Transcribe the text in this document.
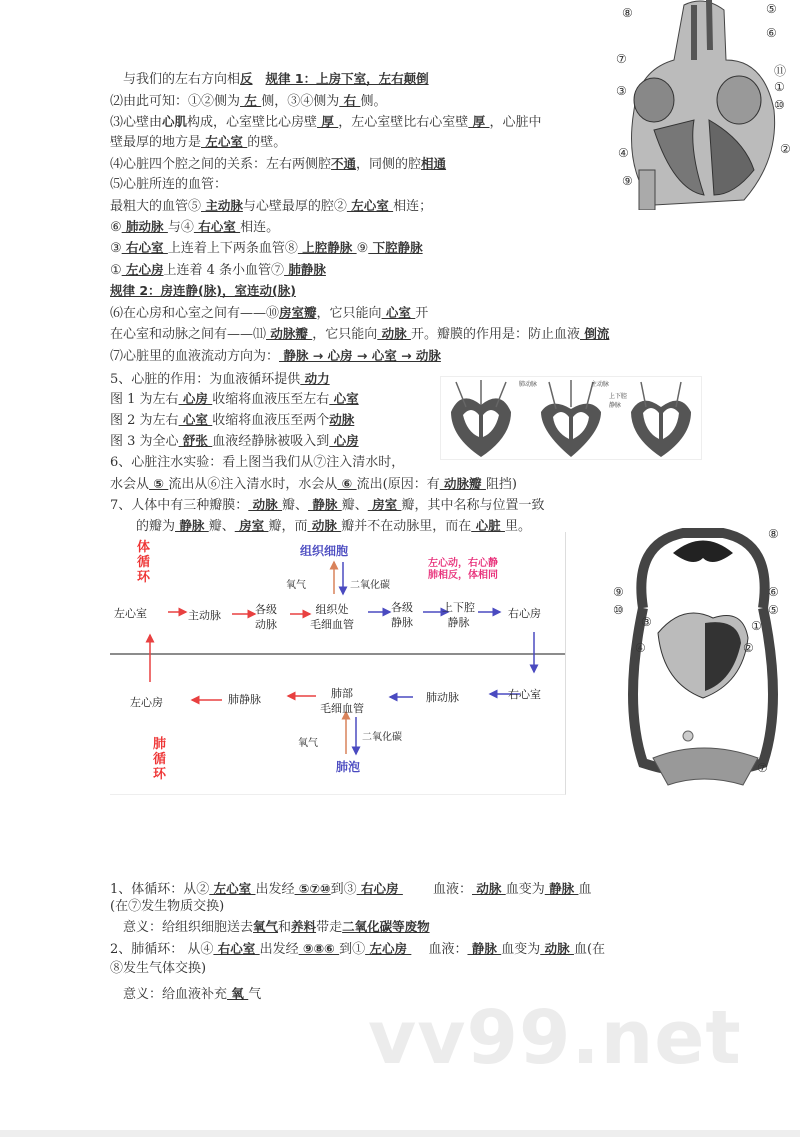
　与我们的左右方向相反　 规律 1：上房下室，左右颠倒
⑵由此可知：①②侧为 左 侧，③④侧为 右 侧。
⑶心壁由心肌构成，心室壁比心房壁 厚 ，左心室壁比右心室壁 厚 ，心脏中
壁最厚的地方是 左心室 的壁。
⑷心脏四个腔之间的关系：左右两侧腔不通，同侧的腔相通
⑸心脏所连的血管：
最粗大的血管⑤ 主动脉与心壁最厚的腔② 左心室 相连；
⑥ 肺动脉 与④ 右心室 相连。
③ 右心室 上连着上下两条血管⑧ 上腔静脉 ⑨ 下腔静脉
① 左心房上连着 4 条小血管⑦ 肺静脉
规律 2：房连静(脉)，室连动(脉)
⑹在心房和心室之间有——⑩房室瓣，它只能向 心室 开
在心室和动脉之间有——⑾ 动脉瓣 ，它只能向 动脉 开。瓣膜的作用是：防止血液 倒流
⑺心脏里的血液流动方向为： 静脉 → 心房 → 心室 → 动脉
5、心脏的作用：为血液循环提供 动力
图 1 为左右 心房 收缩将血液压至左右 心室
图 2 为左右 心室 收缩将血液压至两个动脉
图 3 为全心 舒张 血液经静脉被吸入到 心房
6、心脏注水实验：看上图当我们从⑦注入清水时，
水会从 ⑤ 流出从⑥注入清水时，水会从 ⑥ 流出(原因：有 动脉瓣 阻挡)
7、人体中有三种瓣膜： 动脉 瓣、 静脉 瓣、 房室 瓣，其中名称与位置一致
　　的瓣为 静脉 瓣、 房室 瓣，而 动脉 瓣并不在动脉里，而在 心脏 里。
1、体循环：从② 左心室 出发经 ⑤⑦⑩到③ 右心房 　　 血液： 动脉 血变为 静脉 血
(在⑦发生物质交换)
　意义：给组织细胞送去氧气和养料带走二氧化碳等废物
2、肺循环： 从④ 右心室 出发经 ⑨⑧⑥ 到① 左心房 　 血液： 静脉 血变为 动脉 血(在
⑧发生气体交换)
　意义：给血液补充 氧 气
⑧
⑦
③
④
⑨
⑤
⑥
⑪
①
⑩
②
肺动脉	主动脉
上下腔静脉
体循环
肺循环
组织细胞
肺泡
左心动，右心静
肺相反，体相同
氧气	二氧化碳
氧气
二氧化碳
左心室	主动脉	各级
动脉
组织处
毛细血管
各级
静脉
上下腔
静脉
右心房
左心房	肺静脉	肺部
毛细血管
肺动脉	右心室
⑧
⑨	⑥
⑩	⑤
③	①
④	②
⑦
vv99.net
